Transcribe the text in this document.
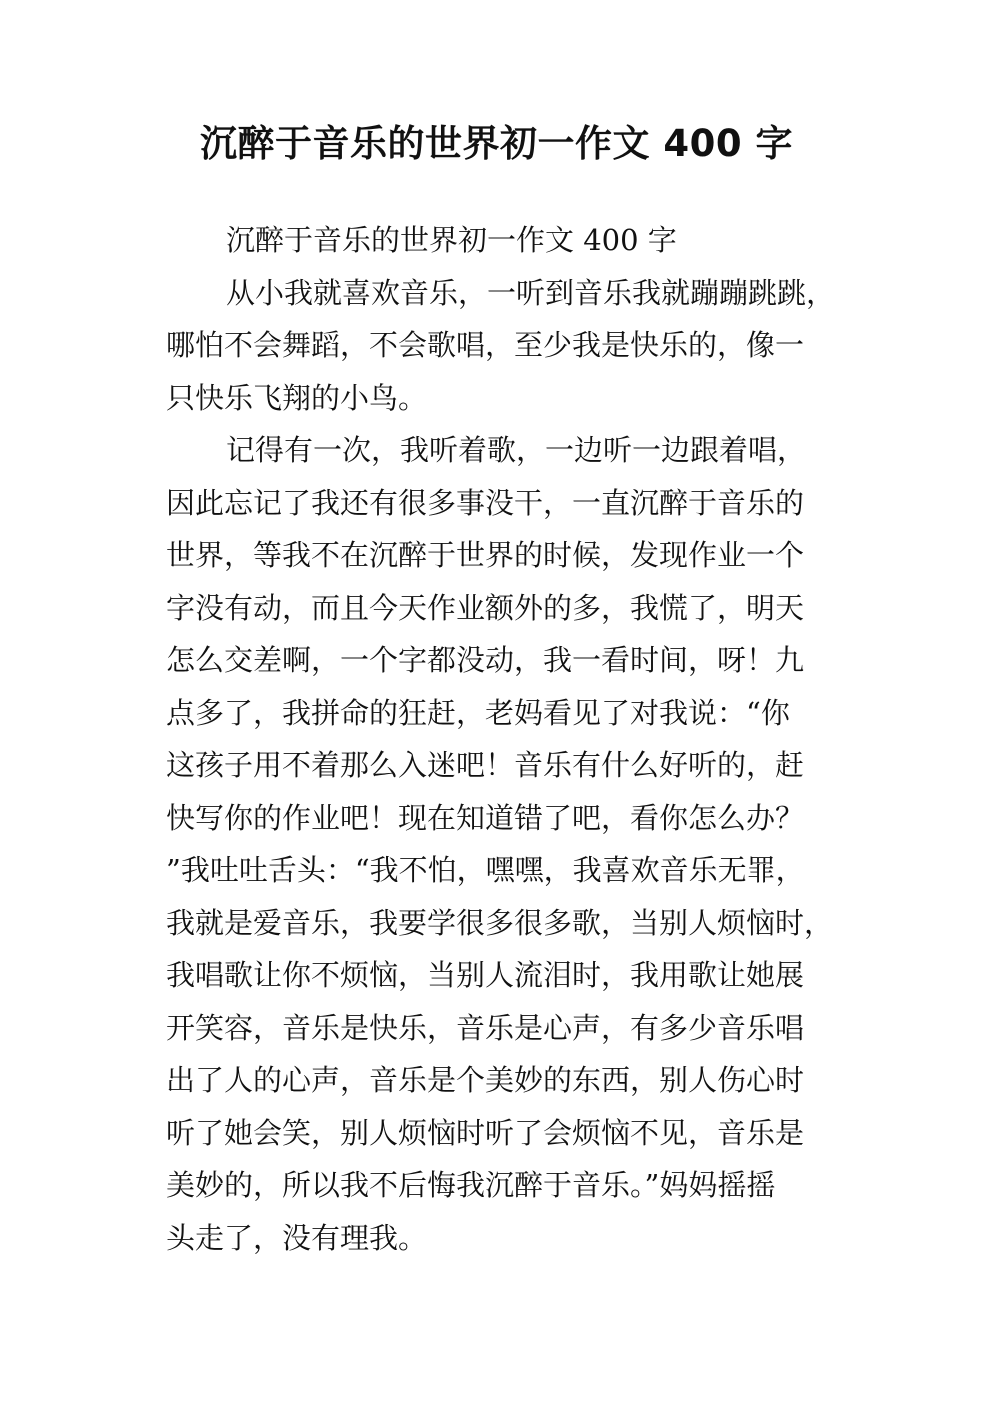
沉醉于音乐的世界初一作文 400 字
沉醉于音乐的世界初一作文 400 字
从小我就喜欢音乐，一听到音乐我就蹦蹦跳跳，
哪怕不会舞蹈，不会歌唱，至少我是快乐的，像一
只快乐飞翔的小鸟。
记得有一次，我听着歌，一边听一边跟着唱，
因此忘记了我还有很多事没干，一直沉醉于音乐的
世界，等我不在沉醉于世界的时候，发现作业一个
字没有动，而且今天作业额外的多，我慌了，明天
怎么交差啊，一个字都没动，我一看时间，呀！九
点多了，我拼命的狂赶，老妈看见了对我说：“你
这孩子用不着那么入迷吧！音乐有什么好听的，赶
快写你的作业吧！现在知道错了吧，看你怎么办？
”我吐吐舌头：“我不怕，嘿嘿，我喜欢音乐无罪，
我就是爱音乐，我要学很多很多歌，当别人烦恼时，
我唱歌让你不烦恼，当别人流泪时，我用歌让她展
开笑容，音乐是快乐，音乐是心声，有多少音乐唱
出了人的心声，音乐是个美妙的东西，别人伤心时
听了她会笑，别人烦恼时听了会烦恼不见，音乐是
美妙的，所以我不后悔我沉醉于音乐。”妈妈摇摇
头走了，没有理我。
